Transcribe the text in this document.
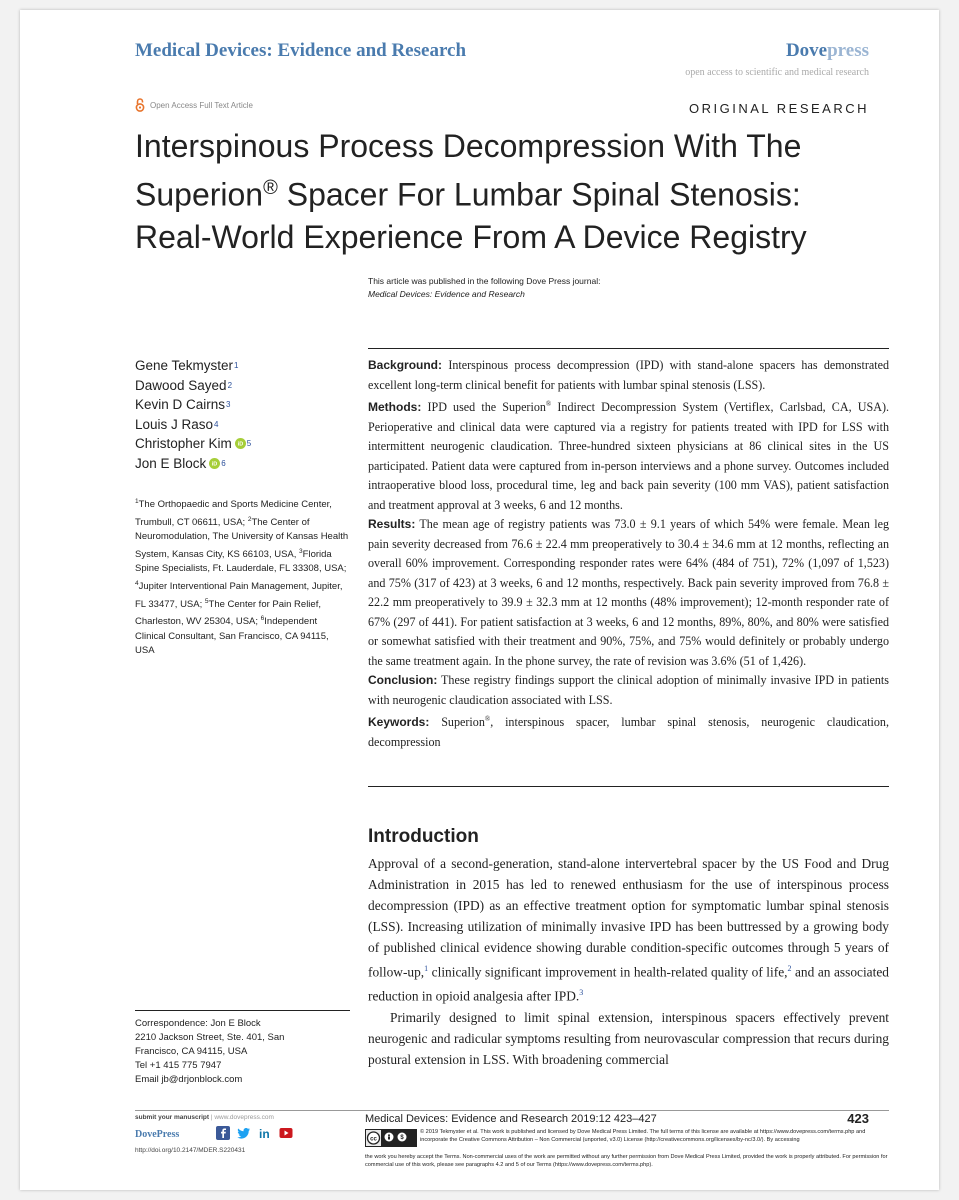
Medical Devices: Evidence and Research	Dovepress
open access to scientific and medical research
Open Access Full Text Article	ORIGINAL RESEARCH
Interspinous Process Decompression With The
Superion® Spacer For Lumbar Spinal Stenosis:
Real-World Experience From A Device Registry
This article was published in the following Dove Press journal:
Medical Devices: Evidence and Research
Gene Tekmyster 1
Dawood Sayed 2
Kevin D Cairns 3
Louis J Raso 4
Christopher Kim iD 5
Jon E Block iD 6
$^1$The Orthopaedic and Sports Medicine Center, Trumbull, CT 06611, USA; $^2$The Center of Neuromodulation, The University of Kansas Health System, Kansas City, KS 66103, USA, $^3$Florida Spine Specialists, Ft. Lauderdale, FL 33308, USA; $^4$Jupiter Interventional Pain Management, Jupiter, FL 33477, USA; $^5$The Center for Pain Relief, Charleston, WV 25304, USA; $^6$Independent Clinical Consultant, San Francisco, CA 94115, USA
Background: Interspinous process decompression (IPD) with stand-alone spacers has demonstrated excellent long-term clinical benefit for patients with lumbar spinal stenosis (LSS).
Methods: IPD used the Superion® Indirect Decompression System (Vertiflex, Carlsbad, CA, USA). Perioperative and clinical data were captured via a registry for patients treated with IPD for LSS with intermittent neurogenic claudication. Three-hundred sixteen physicians at 86 clinical sites in the US participated. Patient data were captured from in-person interviews and a phone survey. Outcomes included intraoperative blood loss, procedural time, leg and back pain severity (100 mm VAS), patient satisfaction and treatment approval at 3 weeks, 6 and 12 months.
Results: The mean age of registry patients was 73.0 ± 9.1 years of which 54% were female. Mean leg pain severity decreased from 76.6 ± 22.4 mm preoperatively to 30.4 ± 34.6 mm at 12 months, reflecting an overall 60% improvement. Corresponding responder rates were 64% (484 of 751), 72% (1,097 of 1,523) and 75% (317 of 423) at 3 weeks, 6 and 12 months, respectively. Back pain severity improved from 76.8 ± 22.2 mm preoperatively to 39.9 ± 32.3 mm at 12 months (48% improvement); 12-month responder rate of 67% (297 of 441). For patient satisfaction at 3 weeks, 6 and 12 months, 89%, 80%, and 80% were satisfied or somewhat satisfied with their treatment and 90%, 75%, and 75% would definitely or probably undergo the same treatment again. In the phone survey, the rate of revision was 3.6% (51 of 1,426).
Conclusion: These registry findings support the clinical adoption of minimally invasive IPD in patients with neurogenic claudication associated with LSS.
Keywords: Superion®, interspinous spacer, lumbar spinal stenosis, neurogenic claudication, decompression
Introduction

Approval of a second-generation, stand-alone intervertebral spacer by the US Food and Drug Administration in 2015 has led to renewed enthusiasm for the use of interspinous process decompression (IPD) as an effective treatment option for symptomatic lumbar spinal stenosis (LSS). Increasing utilization of minimally invasive IPD has been buttressed by a growing body of published clinical evidence showing durable condition-specific outcomes through 5 years of follow-up,$^1$ clinically significant improvement in health-related quality of life,$^2$ and an associated reduction in opioid analgesia after IPD.$^3$

Primarily designed to limit spinal extension, interspinous spacers effectively prevent neurogenic and radicular symptoms resulting from neurovascular compression that recurs during postural extension in LSS. With broadening commercial

Correspondence: Jon E Block
2210 Jackson Street, Ste. 401, San
Francisco, CA 94115, USA
Tel +1 415 775 7947
Email jb@drjonblock.com
submit your manuscript | www.dovepress.com
DovePress	in
http://doi.org/10.2147/MDER.S220431
Medical Devices: Evidence and Research 2019:12 423–427	423
cc	$
© 2019 Tekmyster et al. This work is published and licensed by Dove Medical Press Limited. The full terms of this license are available at https://www.dovepress.com/terms.php and incorporate the Creative Commons Attribution – Non Commercial (unported, v3.0) License (http://creativecommons.org/licenses/by-nc/3.0/). By accessing
the work you hereby accept the Terms. Non-commercial uses of the work are permitted without any further permission from Dove Medical Press Limited, provided the work is properly attributed. For permission for commercial use of this work, please see paragraphs 4.2 and 5 of our Terms (https://www.dovepress.com/terms.php).
